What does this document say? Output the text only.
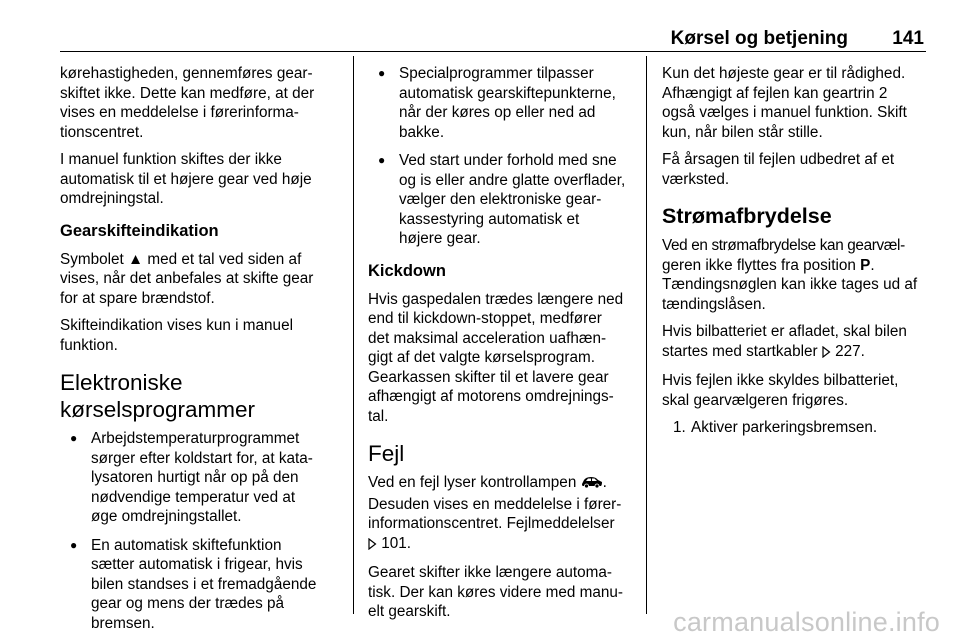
Kørsel og betjening 141

kørehastigheden, gennemføres gear-
skiftet ikke. Dette kan medføre, at der
vises en meddelelse i førerinforma-
tionscentret.

I manuel funktion skiftes der ikke
automatisk til et højere gear ved høje
omdrejningstal.

Gearskifteindikation

Symbolet ▲ med et tal ved siden af
vises, når det anbefales at skifte gear
for at spare brændstof.

Skifteindikation vises kun i manuel
funktion.

Elektroniske
kørselsprogrammer
● Arbejdstemperaturprogrammet
sørger efter koldstart for, at kata-
lysatoren hurtigt når op på den
nødvendige temperatur ved at
øge omdrejningstallet.
● En automatisk skiftefunktion
sætter automatisk i frigear, hvis
bilen standses i et fremadgående
gear og mens der trædes på
bremsen.
● Specialprogrammer tilpasser
automatisk gearskiftepunkterne,
når der køres op eller ned ad
bakke.
● Ved start under forhold med sne
og is eller andre glatte overflader,
vælger den elektroniske gear-
kassestyring automatisk et
højere gear.
Kickdown

Hvis gaspedalen trædes længere ned
end til kickdown-stoppet, medfører
det maksimal acceleration uafhæn-
gigt af det valgte kørselsprogram.
Gearkassen skifter til et lavere gear
afhængigt af motorens omdrejnings-
tal.

Fejl

Ved en fejl lyser kontrollampen .
Desuden vises en meddelelse i fører-
informationscentret. Fejlmeddelelser
101.

Gearet skifter ikke længere automa-
tisk. Der kan køres videre med manu-
elt gearskift.

Kun det højeste gear er til rådighed.
Afhængigt af fejlen kan geartrin 2
også vælges i manuel funktion. Skift
kun, når bilen står stille.

Få årsagen til fejlen udbedret af et
værksted.

Strømafbrydelse

Ved en strømafbrydelse kan gearvæl-
geren ikke flyttes fra position P.
Tændingsnøglen kan ikke tages ud af
tændingslåsen.

Hvis bilbatteriet er afladet, skal bilen
startes med startkabler  227.

Hvis fejlen ikke skyldes bilbatteriet,
skal gearvælgeren frigøres.

1. Aktiver parkeringsbremsen.
carmanualsonline.info
